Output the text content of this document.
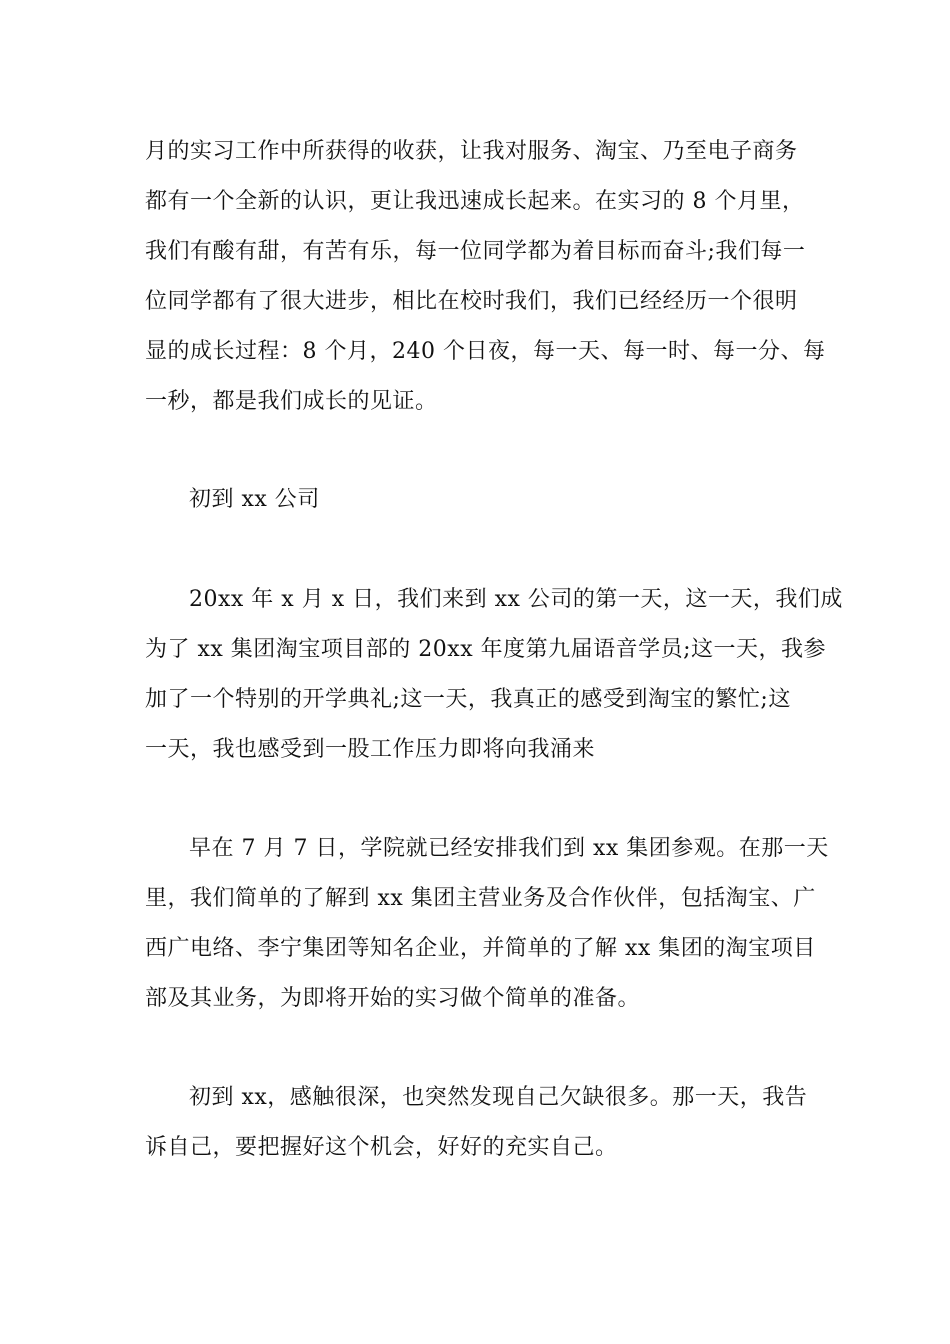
月的实习工作中所获得的收获，让我对服务、淘宝、乃至电子商务
都有一个全新的认识，更让我迅速成长起来。在实习的 8 个月里，
我们有酸有甜，有苦有乐，每一位同学都为着目标而奋斗;我们每一
位同学都有了很大进步，相比在校时我们，我们已经经历一个很明
显的成长过程：8 个月，240 个日夜，每一天、每一时、每一分、每
一秒，都是我们成长的见证。
初到 xx 公司
20xx 年 x 月 x 日，我们来到 xx 公司的第一天，这一天，我们成
为了 xx 集团淘宝项目部的 20xx 年度第九届语音学员;这一天，我参
加了一个特别的开学典礼;这一天，我真正的感受到淘宝的繁忙;这
一天，我也感受到一股工作压力即将向我涌来
早在 7 月 7 日，学院就已经安排我们到 xx 集团参观。在那一天
里，我们简单的了解到 xx 集团主营业务及合作伙伴，包括淘宝、广
西广电络、李宁集团等知名企业，并简单的了解 xx 集团的淘宝项目
部及其业务，为即将开始的实习做个简单的准备。
初到 xx，感触很深，也突然发现自己欠缺很多。那一天，我告
诉自己，要把握好这个机会，好好的充实自己。
